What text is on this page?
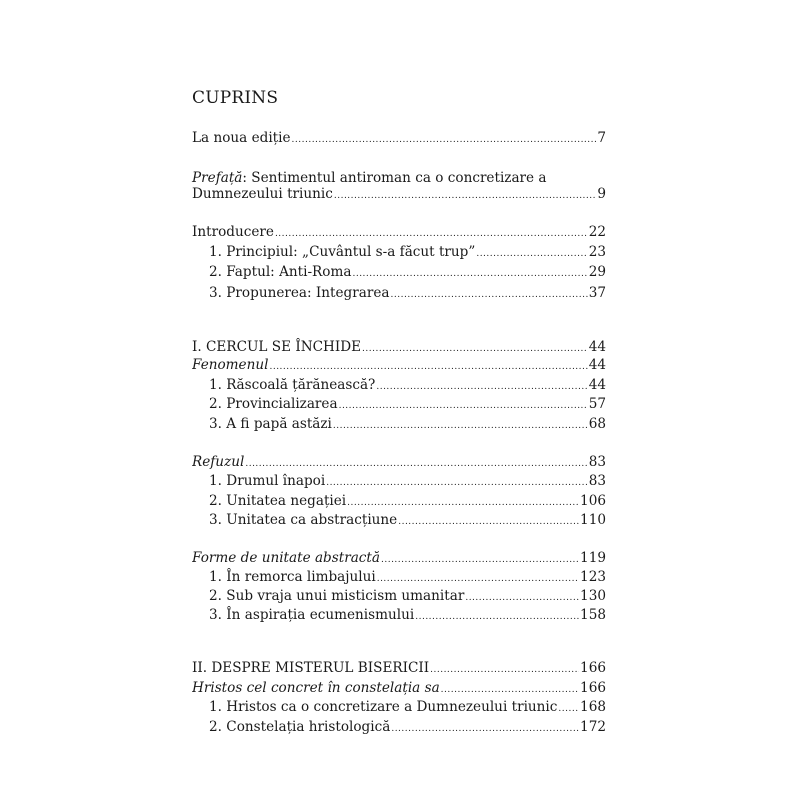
CUPRINS
La noua ediție .....	7
Prefață: Sentimentul antiroman ca o concretizare a
Dumnezeului triunic .....	9
Introducere .....	22
1. Principiul: „Cuvântul s-a făcut trup” .....	23
2. Faptul: Anti-Roma .....	29
3. Propunerea: Integrarea .....	37
I. CERCUL SE ÎNCHIDE .....	44
Fenomenul .....	44
1. Răscoală țărănească? .....	44
2. Provincializarea .....	57
3. A fi papă astăzi .....	68
Refuzul .....	83
1. Drumul înapoi .....	83
2. Unitatea negației .....	106
3. Unitatea ca abstracțiune .....	110
Forme de unitate abstractă .....	119
1. În remorca limbajului .....	123
2. Sub vraja unui misticism umanitar .....	130
3. În aspirația ecumenismului .....	158
II. DESPRE MISTERUL BISERICII .....	166
Hristos cel concret în constelația sa .....	166
1. Hristos ca o concretizare a Dumnezeului triunic ..... 168
2. Constelația hristologică .....	172
